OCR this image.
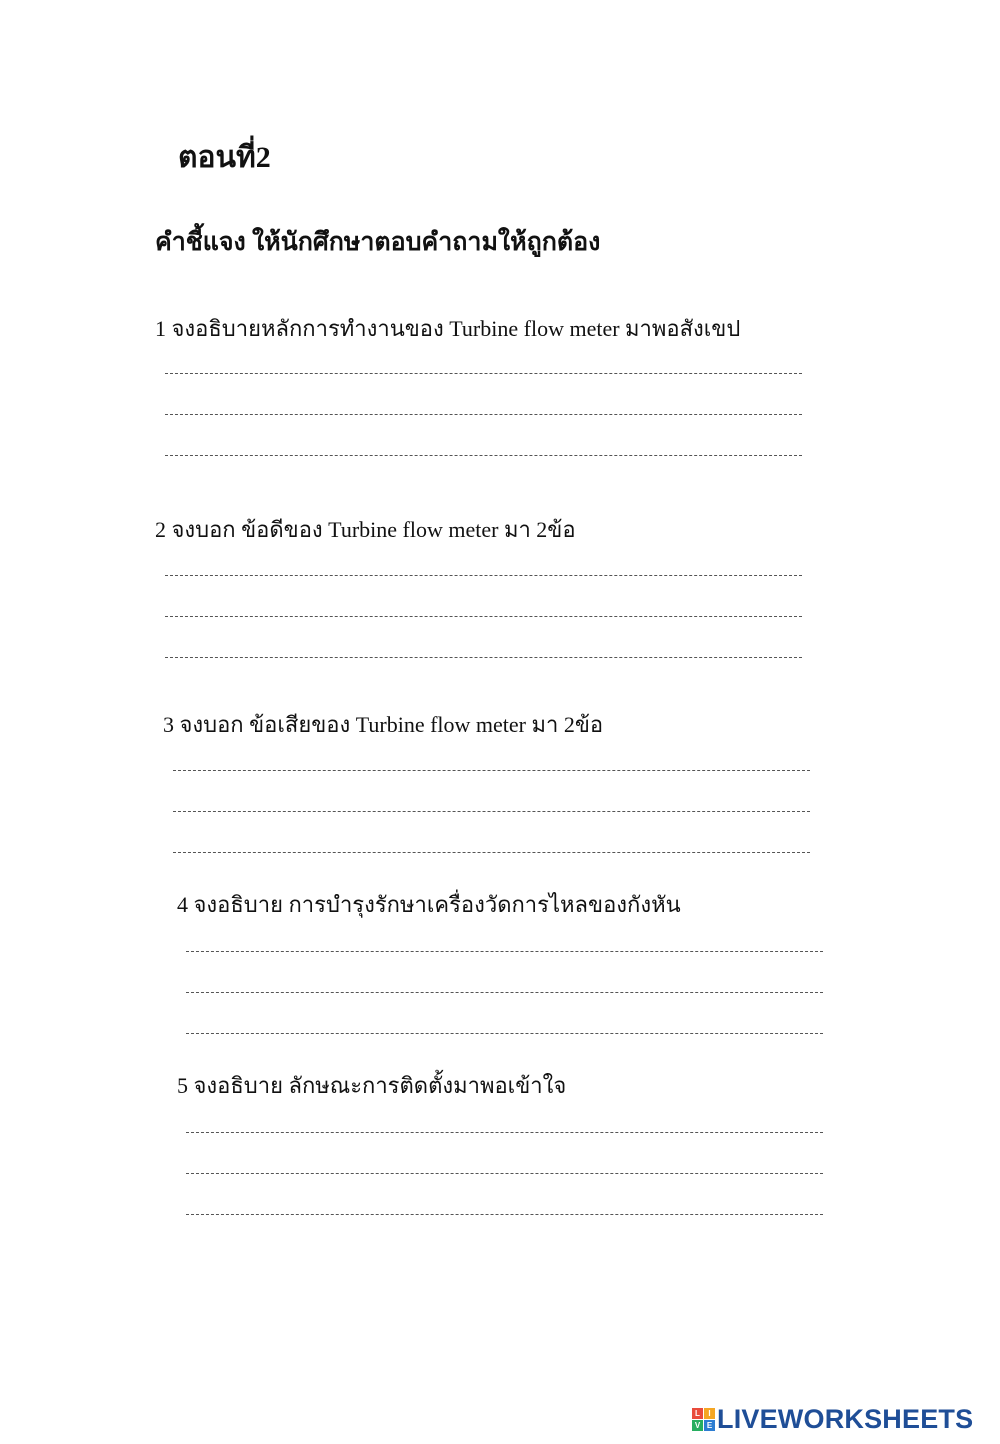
ตอนที่2
คำชี้แจง ให้นักศึกษาตอบคำถามให้ถูกต้อง
1 จงอธิบายหลักการทำงานของ Turbine flow meter มาพอสังเขป
2 จงบอก ข้อดีของ Turbine flow meter มา 2ข้อ
3 จงบอก ข้อเสียของ Turbine flow meter มา 2ข้อ
4 จงอธิบาย การบำรุงรักษาเครื่องวัดการไหลของกังหัน
5 จงอธิบาย ลักษณะการติดตั้งมาพอเข้าใจ
L	I
V E LIVEWORKSHEETS
